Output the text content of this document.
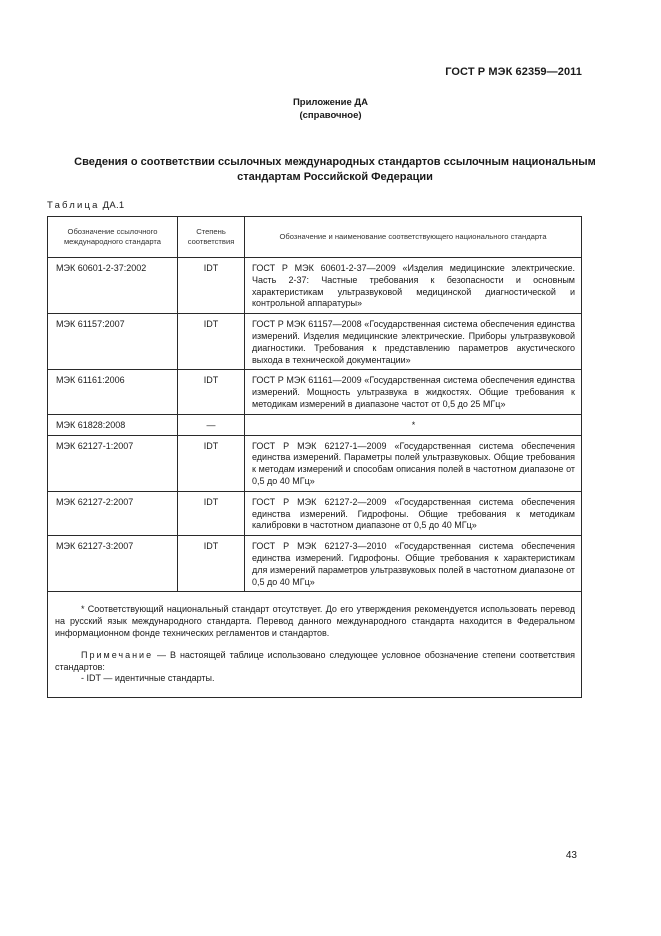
ГОСТ Р МЭК 62359—2011
Приложение ДА
(справочное)
Сведения о соответствии ссылочных международных стандартов ссылочным национальным
стандартам Российской Федерации
Таблица ДА.1
Обозначение ссылочного международного стандарта	Степень соответствия	Обозначение и наименование соответствующего национального стандарта
МЭК 60601-2-37:2002	IDT	ГОСТ Р МЭК 60601-2-37—2009 «Изделия медицинские электрические. Часть 2-37: Частные требования к безопасности и основным характеристикам ультразвуковой медицинской диагностической и контрольной аппаратуры»
МЭК 61157:2007	IDT	ГОСТ Р МЭК 61157—2008 «Государственная система обеспечения единства измерений. Изделия медицинские электрические. Приборы ультразвуковой диагностики. Требования к представлению параметров акустического выхода в технической документации»
МЭК 61161:2006	IDT	ГОСТ Р МЭК 61161—2009 «Государственная система обеспечения единства измерений. Мощность ультразвука в жидкостях. Общие требования к методикам измерений в диапазоне частот от 0,5 до 25 МГц»
МЭК 61828:2008	—	*
МЭК 62127-1:2007	IDT	ГОСТ Р МЭК 62127-1—2009 «Государственная система обеспечения единства измерений. Параметры полей ультразвуковых. Общие требования к методам измерений и способам описания полей в частотном диапазоне от 0,5 до 40 МГц»
МЭК 62127-2:2007	IDT	ГОСТ Р МЭК 62127-2—2009 «Государственная система обеспечения единства измерений. Гидрофоны. Общие требования к методикам калибровки в частотном диапазоне от 0,5 до 40 МГц»
МЭК 62127-3:2007	IDT	ГОСТ Р МЭК 62127-3—2010 «Государственная система обеспечения единства измерений. Гидрофоны. Общие требования к характеристикам для измерений параметров ультразвуковых полей в частотном диапазоне от 0,5 до 40 МГц»

* Соответствующий национальный стандарт отсутствует. До его утверждения рекомендуется использовать перевод на русский язык международного стандарта. Перевод данного международного стандарта находится в Федеральном информационном фонде технических регламентов и стандартов.

Примечание — В настоящей таблице использовано следующее условное обозначение степени соответствия стандартов:

- IDT — идентичные стандарты.		

43
